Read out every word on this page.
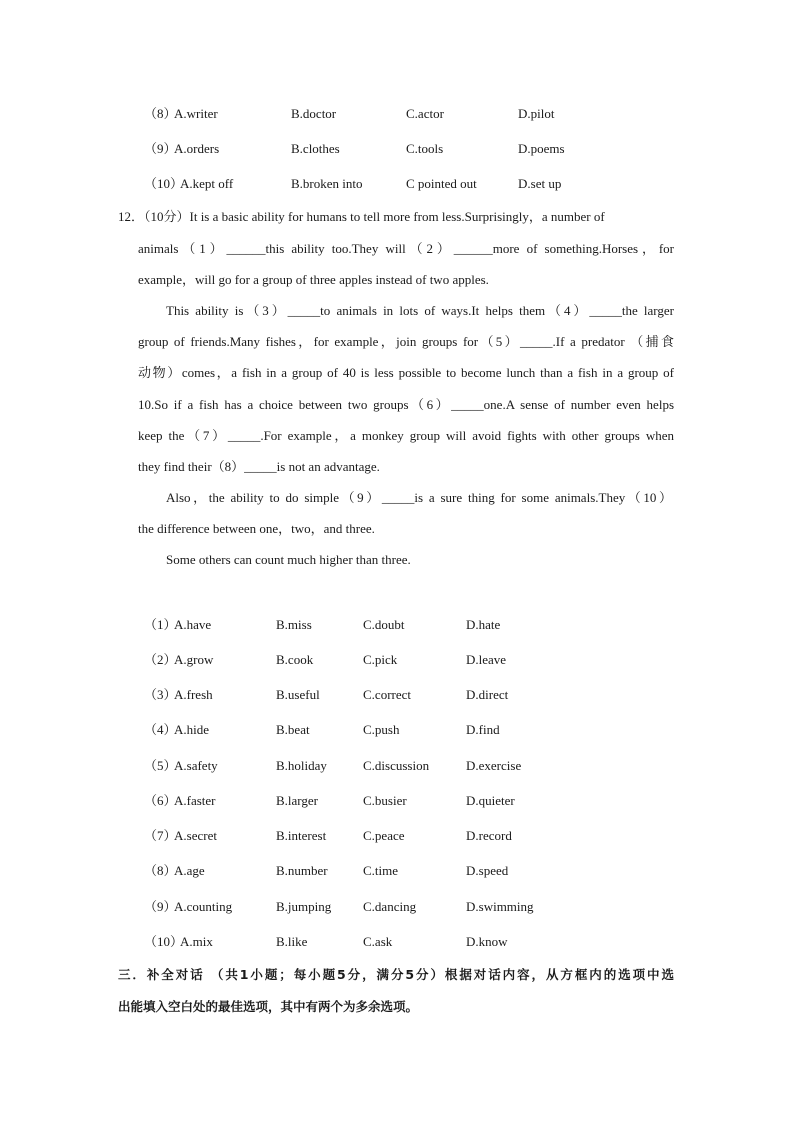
（8）
A.writer	B.doctor	C.actor	D.pilot
（9）
A.orders	B.clothes	C.tools	D.poems
（10）
A.kept off	B.broken into	C pointed out	D.set up
12．（10分）It is a basic ability for humans to tell more from less.Surprisingly，a number of
animals（1）______this ability too.They will（2）______more of something.Horses，for
example，will go for a group of three apples instead of two apples.
This ability is（3）_____to animals in lots of ways.It helps them（4）_____the larger
group of friends.Many fishes，for example，join groups for（5）_____.If a predator （捕食
动物）comes，a fish in a group of 40 is less possible to become lunch than a fish in a group of
10.So if a fish has a choice between two groups（6）_____one.A sense of number even helps
keep the（7）_____.For example，a monkey group will avoid fights with other groups when
they find their（8）_____is not an advantage.
Also，the ability to do simple（9）_____is a sure thing for some animals.They（10）
the difference between one，two，and three.
Some others can count much higher than three.
（1）
A.have	B.miss	C.doubt	D.hate
（2）
A.grow	B.cook	C.pick	D.leave
（3）
A.fresh	B.useful	C.correct	D.direct
（4）
A.hide	B.beat	C.push	D.find
（5）
A.safety	B.holiday	C.discussion	D.exercise
（6）
A.faster	B.larger	C.busier	D.quieter
（7）
A.secret	B.interest	C.peace	D.record
（8）
A.age	B.number	C.time	D.speed
（9）
A.counting	B.jumping C.dancing	D.swimming
（10）
A.mix	B.like	C.ask	D.know
三．补全对话 （共1小题；每小题5分，满分5分）根据对话内容，从方框内的选项中选
出能填入空白处的最佳选项，其中有两个为多余选项。
